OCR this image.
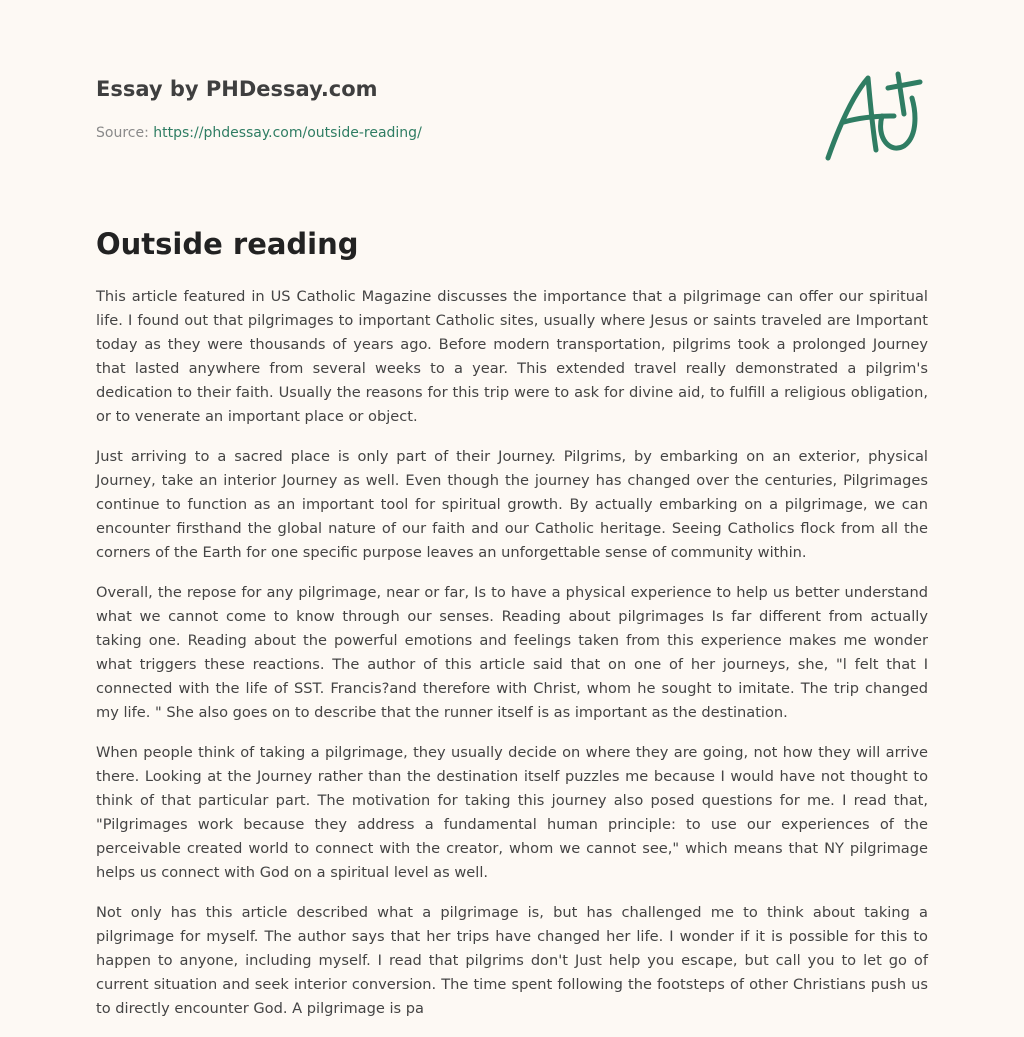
Essay by PHDessay.com
Source: https://phdessay.com/outside-reading/
Outside reading

This article featured in US Catholic Magazine discusses the importance that a pilgrimage can offer our spiritual life. I found out that pilgrimages to important Catholic sites, usually where Jesus or saints traveled are Important today as they were thousands of years ago. Before modern transportation, pilgrims took a prolonged Journey that lasted anywhere from several weeks to a year. This extended travel really demonstrated a pilgrim's dedication to their faith. Usually the reasons for this trip were to ask for divine aid, to fulfill a religious obligation, or to venerate an important place or object.

Just arriving to a sacred place is only part of their Journey. Pilgrims, by embarking on an exterior, physical Journey, take an interior Journey as well. Even though the journey has changed over the centuries, Pilgrimages continue to function as an important tool for spiritual growth. By actually embarking on a pilgrimage, we can encounter firsthand the global nature of our faith and our Catholic heritage. Seeing Catholics flock from all the corners of the Earth for one specific purpose leaves an unforgettable sense of community within.

Overall, the repose for any pilgrimage, near or far, Is to have a physical experience to help us better understand what we cannot come to know through our senses. Reading about pilgrimages Is far different from actually taking one. Reading about the powerful emotions and feelings taken from this experience makes me wonder what triggers these reactions. The author of this article said that on one of her journeys, she, "l felt that I connected with the life of SST. Francis?and therefore with Christ, whom he sought to imitate. The trip changed my life. " She also goes on to describe that the runner itself is as important as the destination.

When people think of taking a pilgrimage, they usually decide on where they are going, not how they will arrive there. Looking at the Journey rather than the destination itself puzzles me because I would have not thought to think of that particular part. The motivation for taking this journey also posed questions for me. I read that, "Pilgrimages work because they address a fundamental human principle: to use our experiences of the perceivable created world to connect with the creator, whom we cannot see," which means that NY pilgrimage helps us connect with God on a spiritual level as well.

Not only has this article described what a pilgrimage is, but has challenged me to think about taking a pilgrimage for myself. The author says that her trips have changed her life. I wonder if it is possible for this to happen to anyone, including myself. I read that pilgrims don't Just help you escape, but call you to let go of current situation and seek interior conversion. The time spent following the footsteps of other Christians push us to directly encounter God. A pilgrimage is pa
